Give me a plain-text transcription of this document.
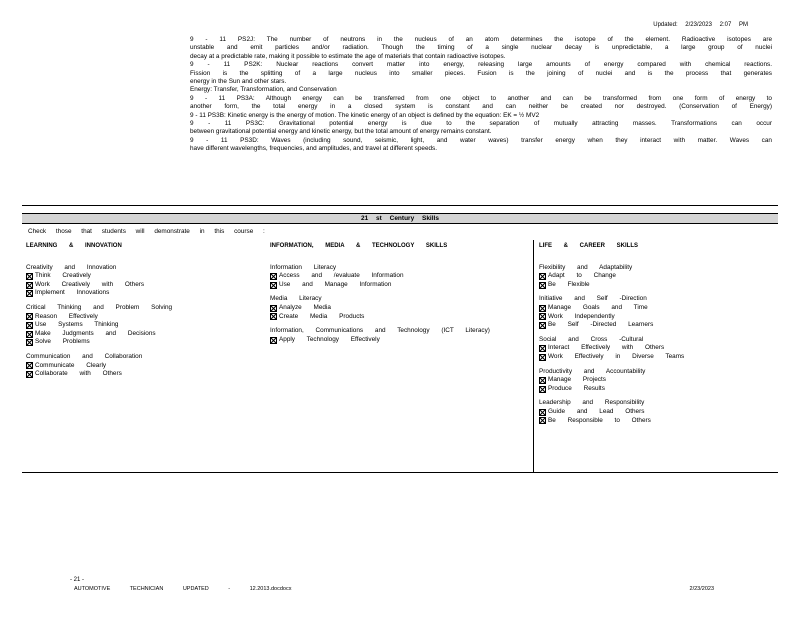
Updated: 2/23/2023 2:07 PM
9 - 11 PS2J: The number of neutrons in the nucleus of an atom determines the isotope of the element. Radioactive isotopes are
unstable and emit particles and/or radiation. Though the timing of a single nuclear decay is unpredictable, a large group of nuclei
decay at a predictable rate, making it possible to estimate the age of materials that contain radioactive isotopes.
9 - 11 PS2K: Nuclear reactions convert matter into energy, releasing large amounts of energy compared with chemical reactions.
Fission is the splitting of a large nucleus into smaller pieces. Fusion is the joining of nuclei and is the process that generates
energy in the Sun and other stars.
Energy: Transfer, Transformation, and Conservation
9 - 11 PS3A: Although energy can be transferred from one object to another and can be transformed from one form of energy to
another form, the total energy in a closed system is constant and can neither be created nor destroyed. (Conservation of Energy)
9 - 11 PS3B: Kinetic energy is the energy of motion. The kinetic energy of an object is defined by the equation: EK = ½ MV2
9 - 11 PS3C: Gravitational potential energy is due to the separation of mutually attracting masses. Transformations can occur
between gravitational potential energy and kinetic energy, but the total amount of energy remains constant.
9 - 11 PS3D: Waves (including sound, seismic, light, and water waves) transfer energy when they interact with matter. Waves can
have different wavelengths, frequencies, and amplitudes, and travel at different speeds.
21 st Century Skills
Check those that students will demonstrate in this course :
LEARNING & INNOVATION
Creativity and Innovation
Think Creatively
Work Creatively with Others
Implement Innovations
Critical Thinking and Problem Solving
Reason Effectively
Use Systems Thinking
Make Judgments and Decisions
Solve Problems
Communication and Collaboration
Communicate Clearly
Collaborate with Others
INFORMATION, MEDIA & TECHNOLOGY SKILLS
Information Literacy
Access and /evaluate Information
Use and Manage Information
Media Literacy
Analyze Media
Create Media Products
Information, Communications and Technology (ICT Literacy)
Apply Technology Effectively
LIFE & CAREER SKILLS
Flexibility and Adaptability
Adapt to Change
Be Flexible
Initiative and Self -Direction
Manage Goals and Time
Work Independently
Be Self -Directed Learners
Social and Cross -Cultural
Interact Effectively with Others
Work Effectively in Diverse Teams
Productivity and Accountability
Manage Projects
Produce Results
Leadership and Responsibility
Guide and Lead Others
Be Responsible to Others
- 21 -
AUTOMOTIVE TECHNICIAN UPDATED - 12.2013.docdocx	2/23/2023
